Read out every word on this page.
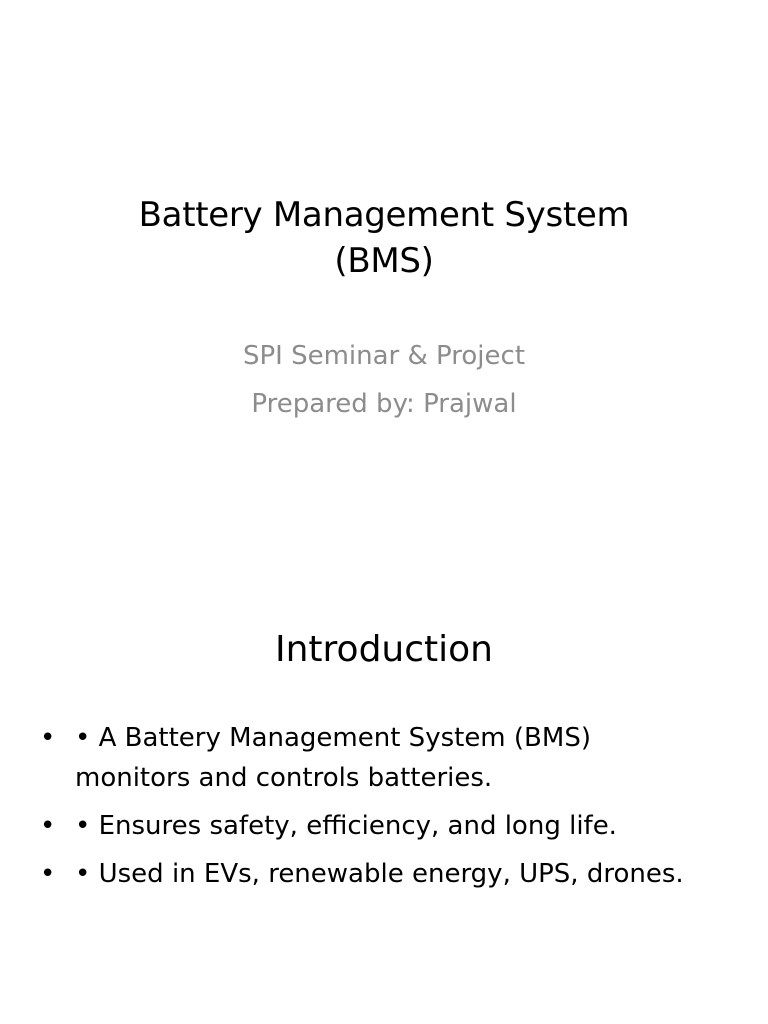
Battery Management System
(BMS)
SPI Seminar & Project
Prepared by: Prajwal
Introduction
• • A Battery Management System (BMS)
monitors and controls batteries.
• • Ensures safety, efficiency, and long life.
• • Used in EVs, renewable energy, UPS, drones.
